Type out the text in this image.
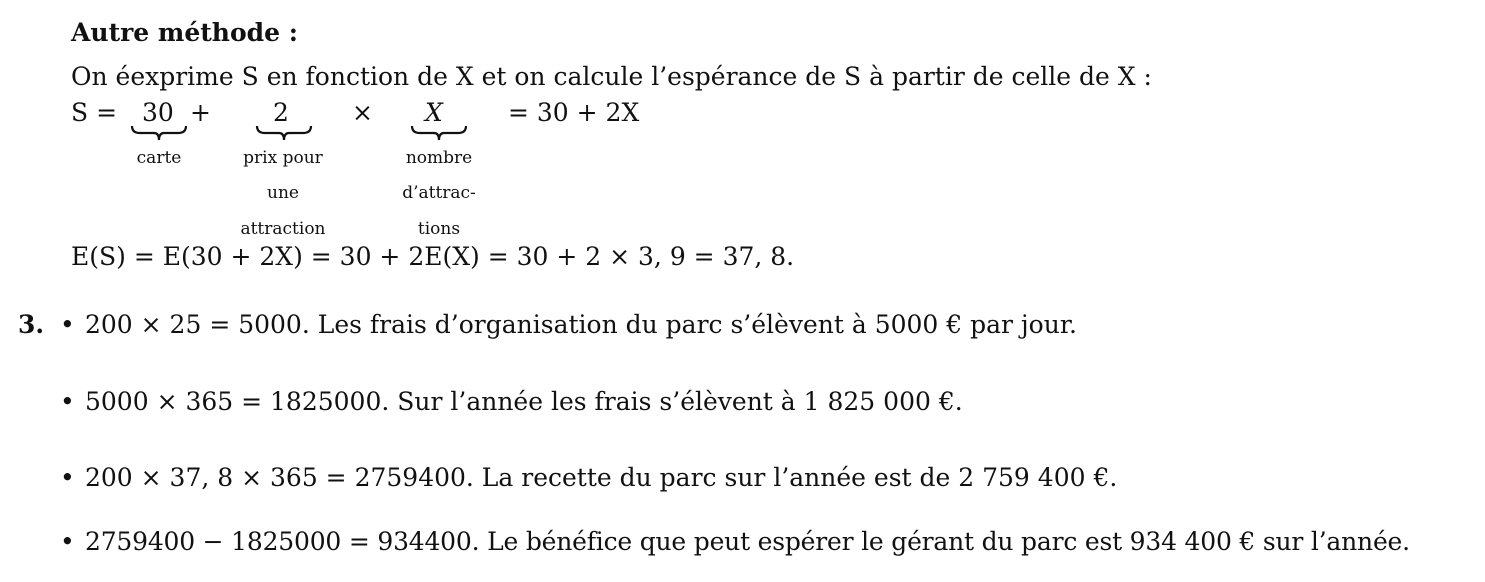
Autre méthode :
On éexprime S en fonction de X et on calcule l’espérance de S à partir de celle de X :
S = 30 + 2	× X	= 30 + 2X
carte	prix pour
une
attraction
nombre
d’attrac-
tions
E(S) = E(30 + 2X) = 30 + 2E(X) = 30 + 2 × 3, 9 = 37, 8.
3. • 200 × 25 = 5000. Les frais d’organisation du parc s’élèvent à 5000 € par jour.
• 5000 × 365 = 1825000. Sur l’année les frais s’élèvent à 1 825 000 €.
• 200 × 37, 8 × 365 = 2759400. La recette du parc sur l’année est de 2 759 400 €.
• 2759400 − 1825000 = 934400. Le bénéfice que peut espérer le gérant du parc est 934 400 € sur l’année.
